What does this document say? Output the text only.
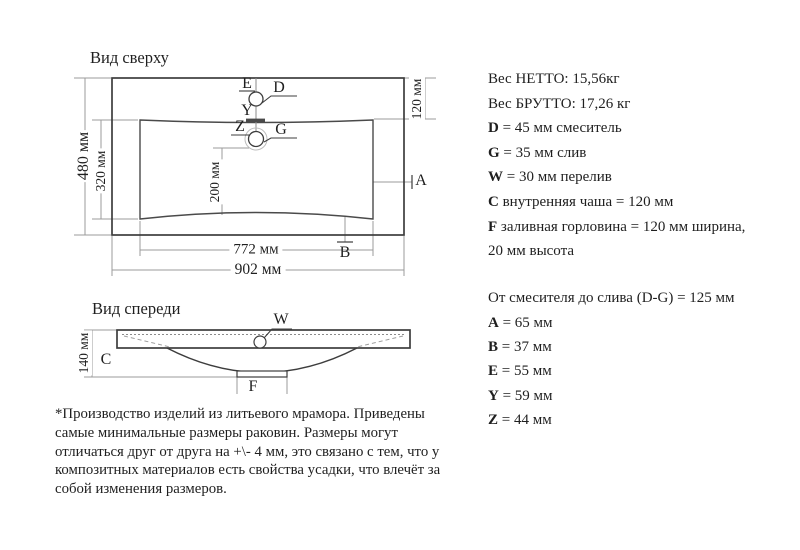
Вид сверху
Вид спереди
480 мм 320 мм	200 мм
120 мм
772 мм
902 мм
E D
Y
Z G
A
B
140 мм
W
C
F
Вес НЕТТО: 15,56кг
Вес БРУТТО: 17,26 кг
D = 45 мм смеситель
G = 35 мм слив
W = 30 мм перелив
C внутренняя чаша = 120 мм
F заливная горловина = 120 мм ширина,
20 мм высота
От смесителя до слива (D-G) = 125 мм
A = 65 мм
B = 37 мм
E = 55 мм
Y = 59 мм
Z = 44 мм
*Производство изделий из литьевого мрамора. Приведены
самые минимальные размеры раковин. Размеры могут
отличаться друг от друга на +\- 4 мм, это связано с тем, что у
композитных материалов есть свойства усадки, что влечёт за
собой изменения размеров.
